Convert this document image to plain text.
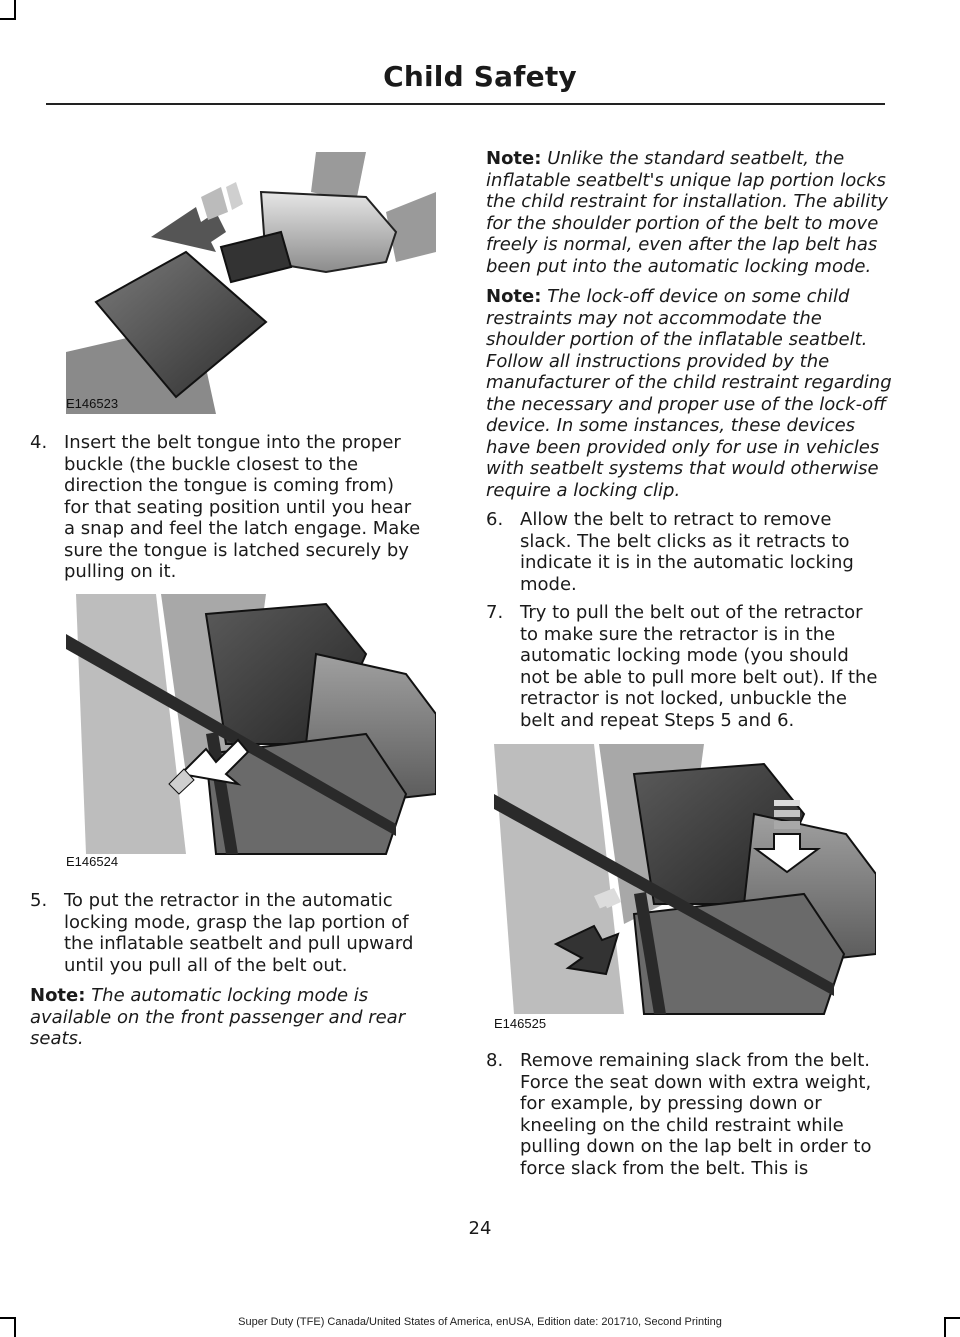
Child Safety
E146523
4. Insert the belt tongue into the proper
buckle (the buckle closest to the
direction the tongue is coming from)
for that seating position until you hear
a snap and feel the latch engage. Make
sure the tongue is latched securely by
pulling on it.
E146524
5. To put the retractor in the automatic
locking mode, grasp the lap portion of
the inflatable seatbelt and pull upward
until you pull all of the belt out.
Note: The automatic locking mode is
available on the front passenger and rear
seats.
Note: Unlike the standard seatbelt, the
inflatable seatbelt's unique lap portion locks
the child restraint for installation. The ability
for the shoulder portion of the belt to move
freely is normal, even after the lap belt has
been put into the automatic locking mode.
Note: The lock-off device on some child
restraints may not accommodate the
shoulder portion of the inflatable seatbelt.
Follow all instructions provided by the
manufacturer of the child restraint regarding
the necessary and proper use of the lock-off
device. In some instances, these devices
have been provided only for use in vehicles
with seatbelt systems that would otherwise
require a locking clip.
6. Allow the belt to retract to remove
slack. The belt clicks as it retracts to
indicate it is in the automatic locking
mode.
7. Try to pull the belt out of the retractor
to make sure the retractor is in the
automatic locking mode (you should
not be able to pull more belt out). If the
retractor is not locked, unbuckle the
belt and repeat Steps 5 and 6.
E146525
8. Remove remaining slack from the belt.
Force the seat down with extra weight,
for example, by pressing down or
kneeling on the child restraint while
pulling down on the lap belt in order to
force slack from the belt. This is
24
Super Duty (TFE) Canada/United States of America, enUSA, Edition date: 201710, Second Printing
